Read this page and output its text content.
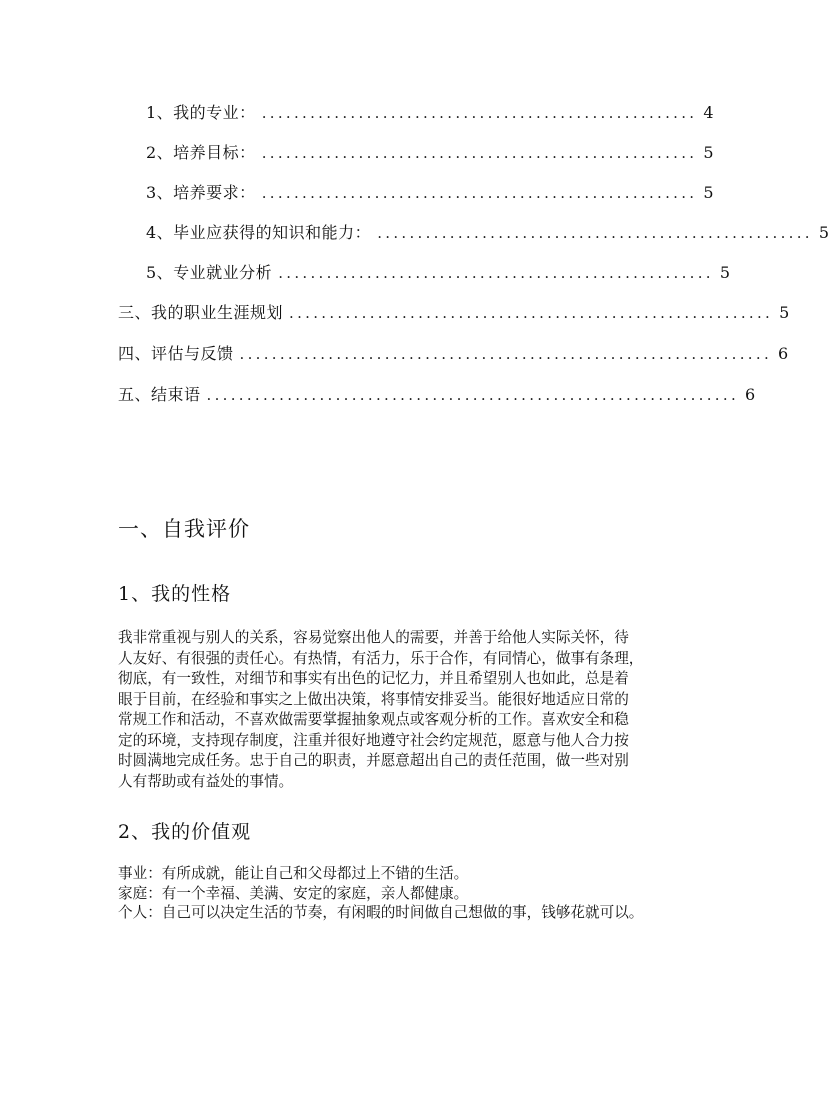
1、我的专业： ...................................................... 4
2、培养目标： ...................................................... 5
3、培养要求： ...................................................... 5
4、毕业应获得的知识和能力： ...................................................... 5
5、专业就业分析 ...................................................... 5
三、我的职业生涯规划 ............................................................ 5
四、评估与反馈 .................................................................. 6
五、结束语 .................................................................. 6
一、自我评价
1、我的性格
我非常重视与别人的关系，容易觉察出他人的需要，并善于给他人实际关怀，待
人友好、有很强的责任心。有热情，有活力，乐于合作，有同情心，做事有条理，
彻底，有一致性，对细节和事实有出色的记忆力，并且希望别人也如此，总是着
眼于目前，在经验和事实之上做出决策，将事情安排妥当。能很好地适应日常的
常规工作和活动，不喜欢做需要掌握抽象观点或客观分析的工作。喜欢安全和稳
定的环境，支持现存制度，注重并很好地遵守社会约定规范，愿意与他人合力按
时圆满地完成任务。忠于自己的职责，并愿意超出自己的责任范围，做一些对别
人有帮助或有益处的事情。
2、我的价值观
事业：有所成就，能让自己和父母都过上不错的生活。
家庭：有一个幸福、美满、安定的家庭，亲人都健康。
个人：自己可以决定生活的节奏，有闲暇的时间做自己想做的事，钱够花就可以。
